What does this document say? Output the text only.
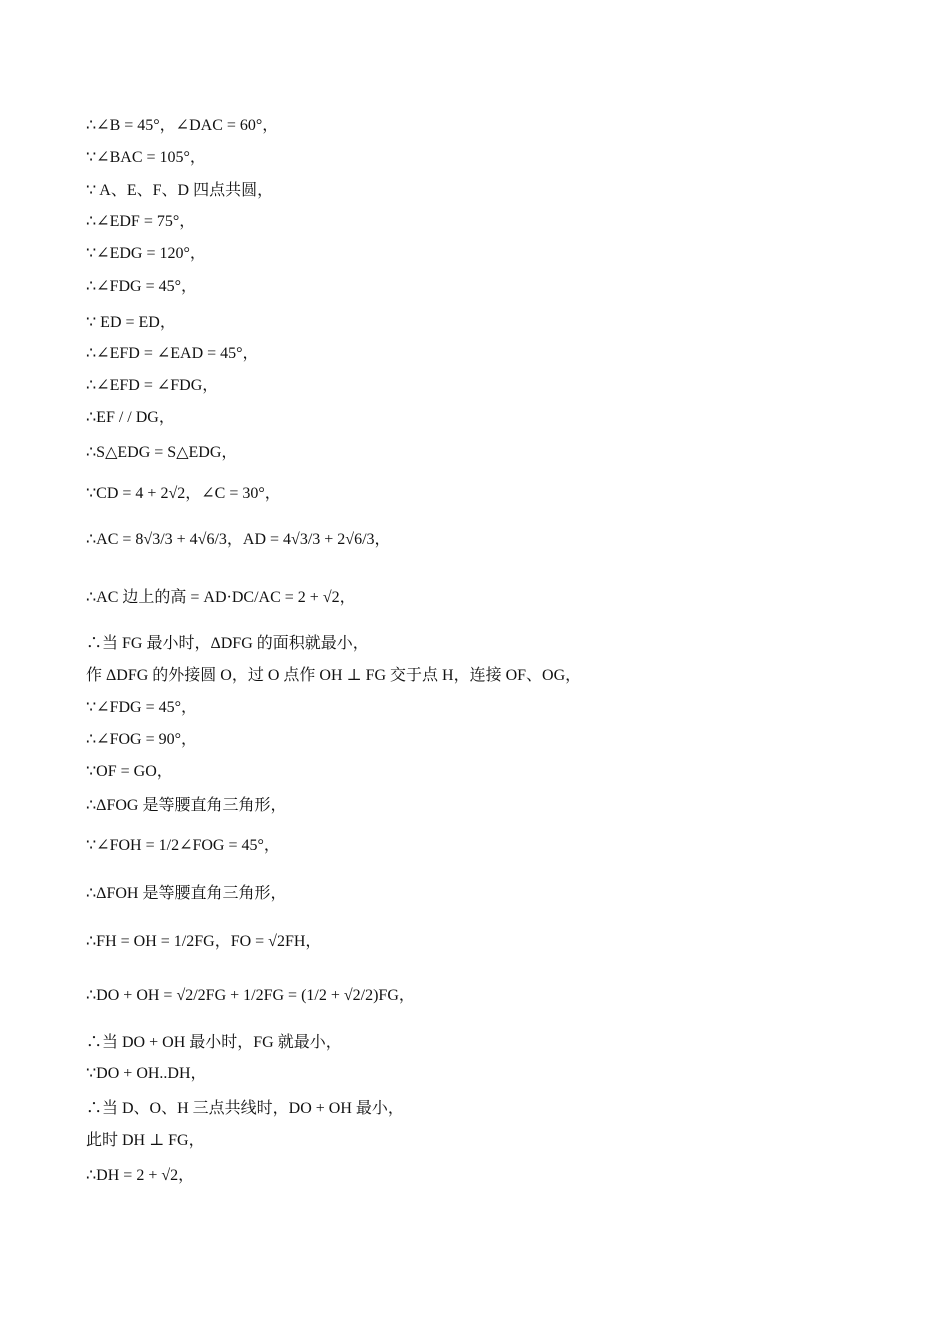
∴∠B = 45°，∠DAC = 60°，
∵∠BAC = 105°，
∵ A、E、F、D 四点共圆，
∴∠EDF = 75°，
∵∠EDG = 120°，
∴∠FDG = 45°，
∵ ED = ED，
∴∠EFD = ∠EAD = 45°，
∴∠EFD = ∠FDG，
∴EF / / DG，
∴S△EDG = S△EDG，
∵CD = 4 + 2√2，∠C = 30°，
∴AC = 8√3/3 + 4√6/3，AD = 4√3/3 + 2√6/3，
∴AC 边上的高 = AD·DC/AC = 2 + √2，
∴当 FG 最小时，ΔDFG 的面积就最小，
作 ΔDFG 的外接圆 O，过 O 点作 OH ⊥ FG 交于点 H，连接 OF、OG，
∵∠FDG = 45°，
∴∠FOG = 90°，
∵OF = GO，
∴ΔFOG 是等腰直角三角形，
∵∠FOH = 1/2∠FOG = 45°，
∴ΔFOH 是等腰直角三角形，
∴FH = OH = 1/2FG，FO = √2FH，
∴DO + OH = √2/2FG + 1/2FG = (1/2 + √2/2)FG，
∴当 DO + OH 最小时，FG 就最小，
∵DO + OH..DH，
∴当 D、O、H 三点共线时，DO + OH 最小，
此时 DH ⊥ FG，
∴DH = 2 + √2，
